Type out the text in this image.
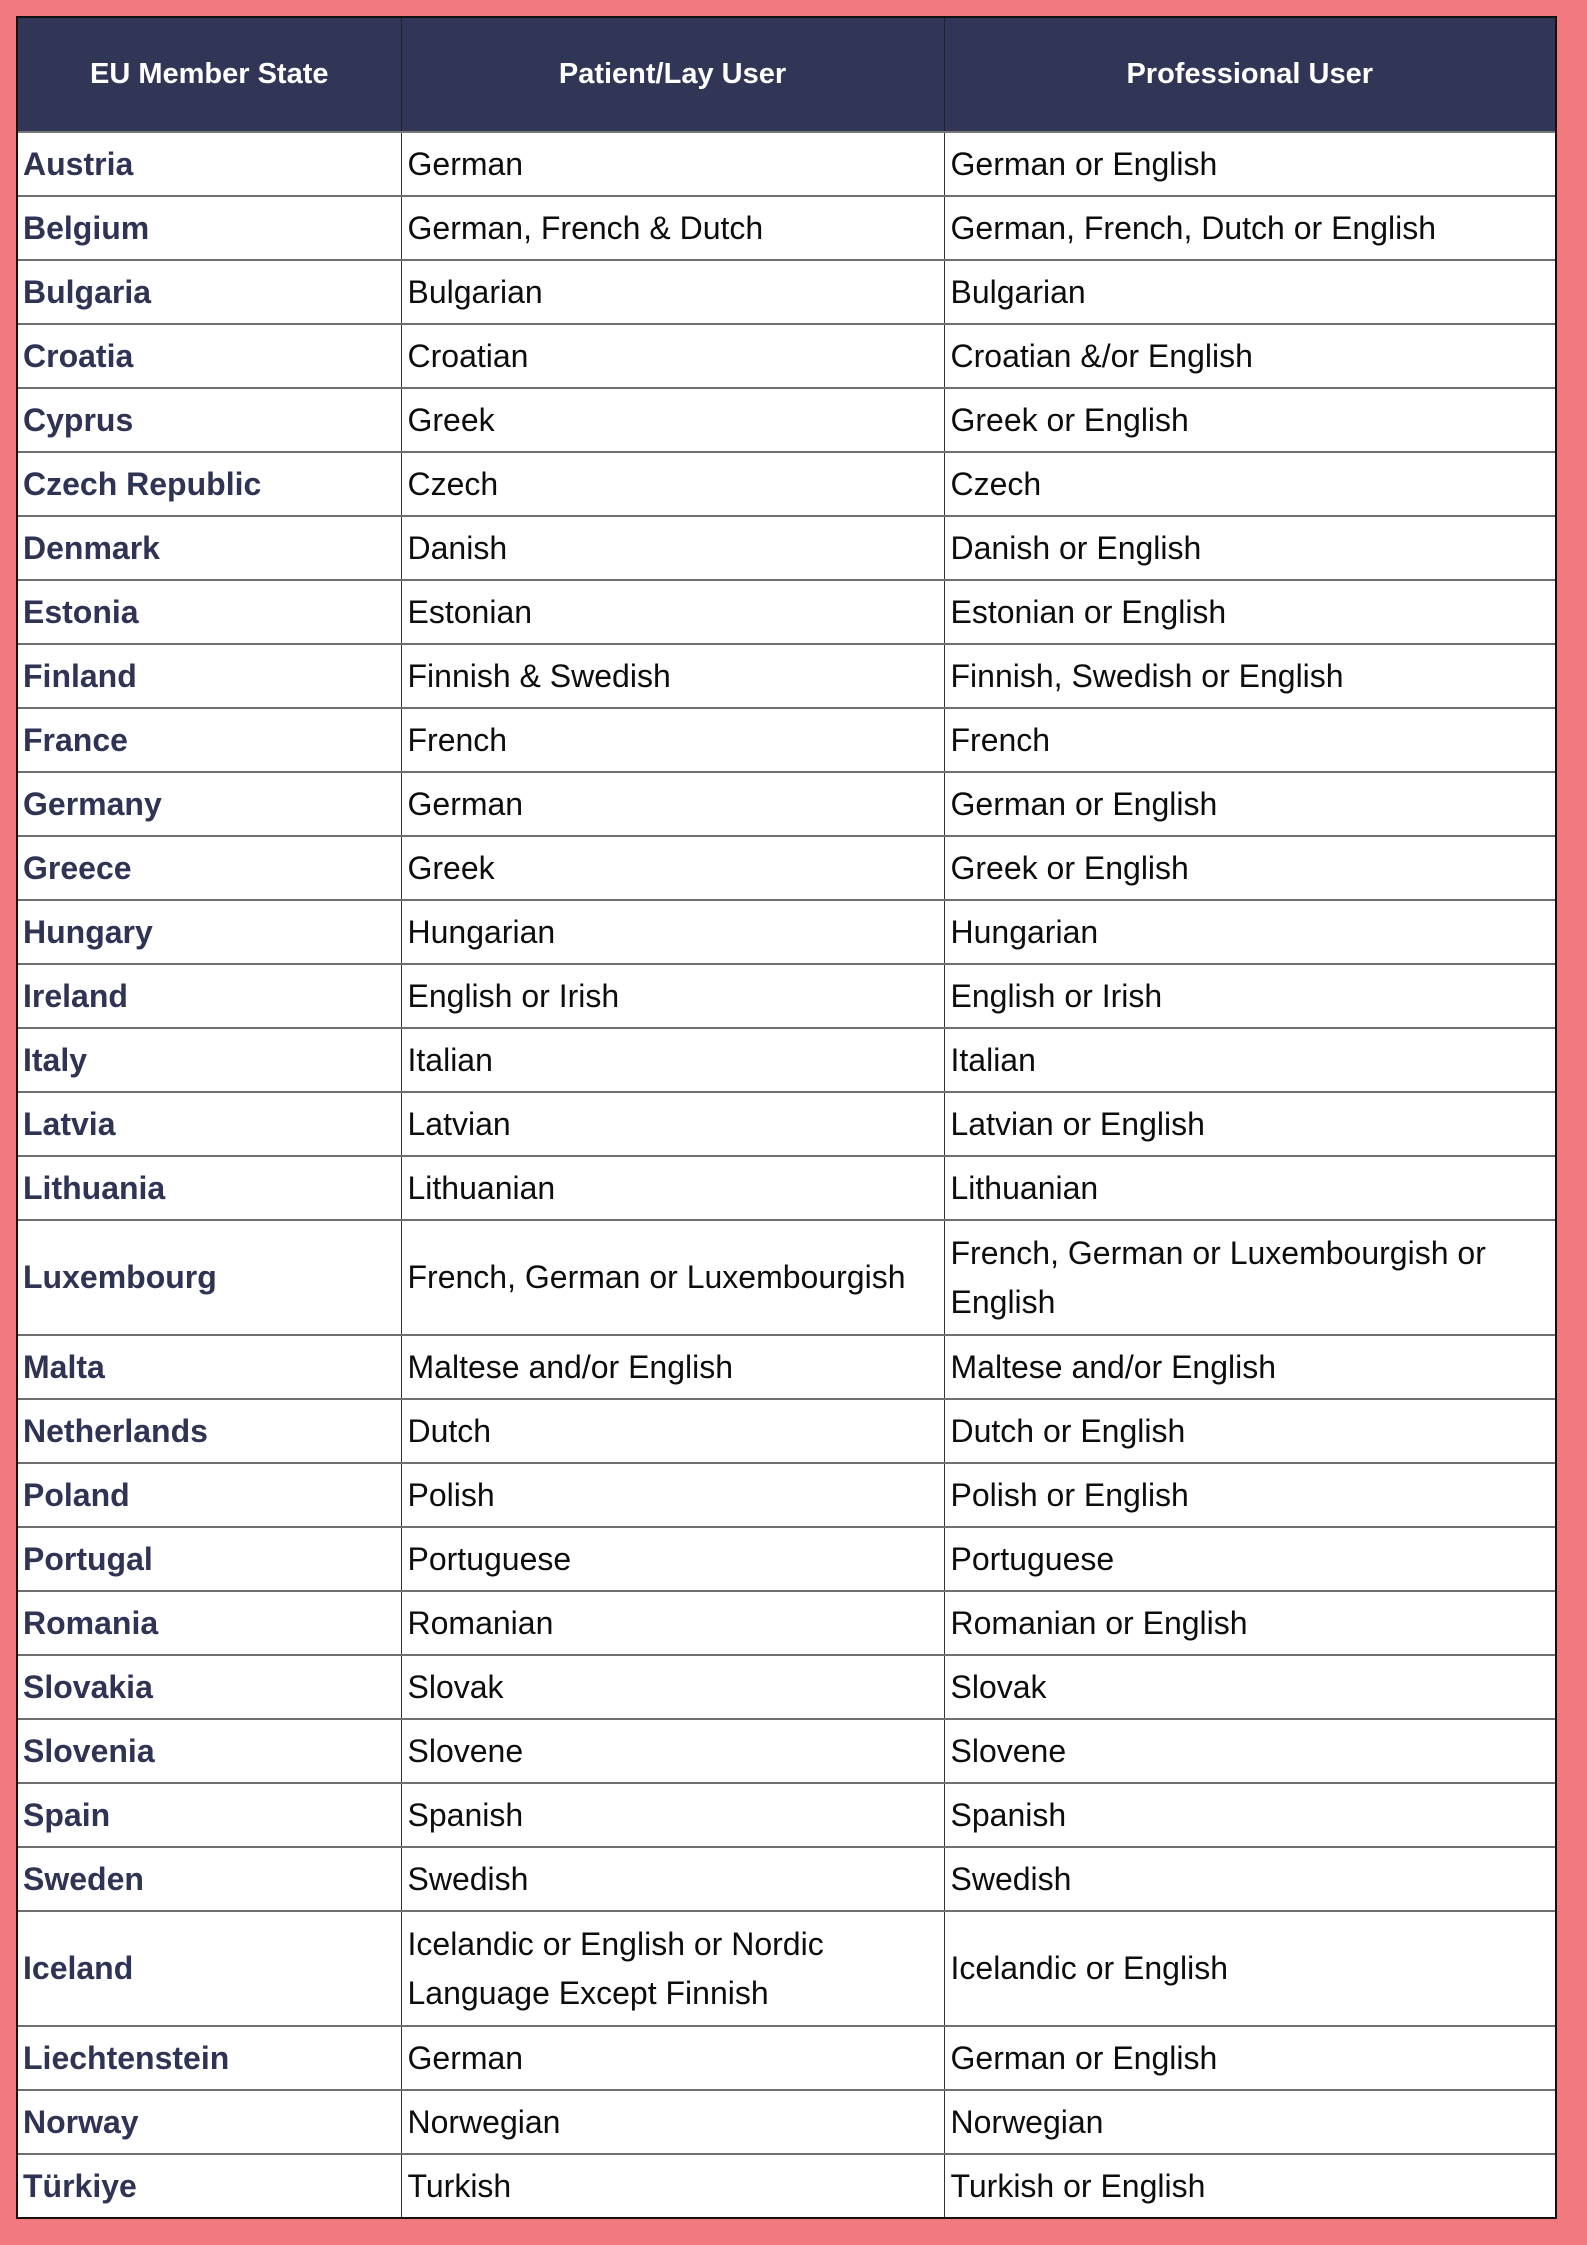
EU Member State	Patient/Lay User	Professional User
Austria	German	German or English
Belgium	German, French & Dutch	German, French, Dutch or English
Bulgaria	Bulgarian	Bulgarian
Croatia	Croatian	Croatian &/or English
Cyprus	Greek	Greek or English
Czech Republic	Czech	Czech
Denmark	Danish	Danish or English
Estonia	Estonian	Estonian or English
Finland	Finnish & Swedish	Finnish, Swedish or English
France	French	French
Germany	German	German or English
Greece	Greek	Greek or English
Hungary	Hungarian	Hungarian
Ireland	English or Irish	English or Irish
Italy	Italian	Italian
Latvia	Latvian	Latvian or English
Lithuania	Lithuanian	Lithuanian
Luxembourg	French, German or Luxembourgish	French, German or Luxembourgish or English
Malta	Maltese and/or English	Maltese and/or English
Netherlands	Dutch	Dutch or English
Poland	Polish	Polish or English
Portugal	Portuguese	Portuguese
Romania	Romanian	Romanian or English
Slovakia	Slovak	Slovak
Slovenia	Slovene	Slovene
Spain	Spanish	Spanish
Sweden	Swedish	Swedish
Iceland	Icelandic or English or Nordic Language Except Finnish	Icelandic or English
Liechtenstein	German	German or English
Norway	Norwegian	Norwegian
Türkiye	Turkish	Turkish or English
